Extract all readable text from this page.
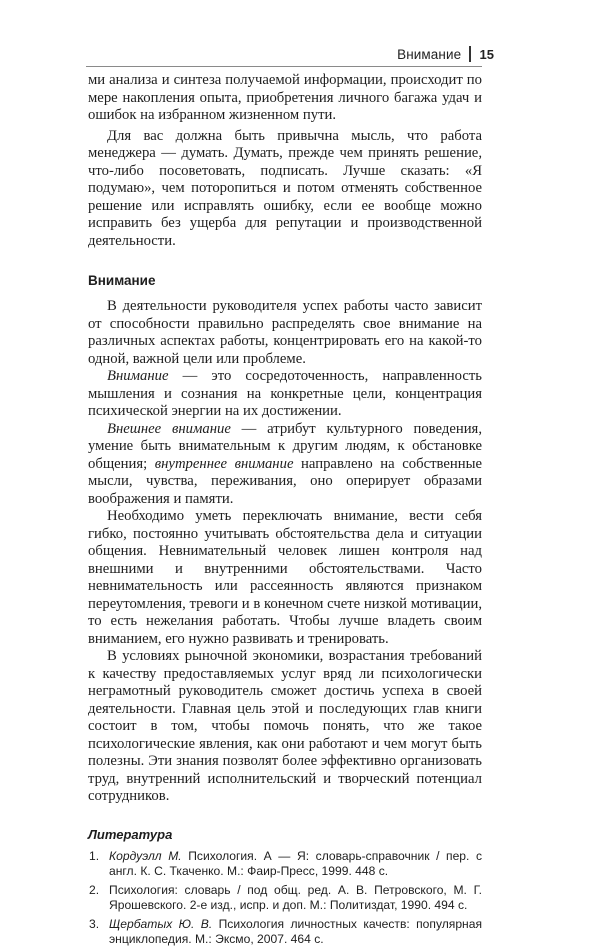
Внимание 15

ми анализа и синтеза получаемой информации, происходит по мере накопления опыта, приобретения личного багажа удач и ошибок на избранном жизненном пути.

Для вас должна быть привычна мысль, что работа менеджера — думать. Думать, прежде чем принять решение, что-либо посоветовать, подписать. Лучше сказать: «Я подумаю», чем поторопиться и потом отменять собственное решение или исправлять ошибку, если ее вообще можно исправить без ущерба для репутации и производственной деятельности.

Внимание

В деятельности руководителя успех работы часто зависит от способности правильно распределять свое внимание на различных аспектах работы, концентрировать его на какой-то одной, важной цели или проблеме.

Внимание — это сосредоточенность, направленность мышления и сознания на конкретные цели, концентрация психической энергии на их достижении.

Внешнее внимание — атрибут культурного поведения, умение быть внимательным к другим людям, к обстановке общения; внутреннее внимание направлено на собственные мысли, чувства, переживания, оно оперирует образами воображения и памяти.

Необходимо уметь переключать внимание, вести себя гибко, постоянно учитывать обстоятельства дела и ситуации общения. Невнимательный человек лишен контроля над внешними и внутренними обстоятельствами. Часто невнимательность или рассеянность являются признаком переутомления, тревоги и в конечном счете низкой мотивации, то есть нежелания работать. Чтобы лучше владеть своим вниманием, его нужно развивать и тренировать.

В условиях рыночной экономики, возрастания требований к качеству предоставляемых услуг вряд ли психологически неграмотный руководитель сможет достичь успеха в своей деятельности. Главная цель этой и последующих глав книги состоит в том, чтобы помочь понять, что же такое психологические явления, как они работают и чем могут быть полезны. Эти знания позволят более эффективно организовать труд, внутренний исполнительский и творческий потенциал сотрудников.

Литература
1. Кордуэлл М. Психология. А — Я: словарь-справочник / пер. с англ. К. С. Ткаченко. М.: Фаир-Пресс, 1999. 448 с.
2. Психология: словарь / под общ. ред. А. В. Петровского, М. Г. Ярошевского. 2-е изд., испр. и доп. М.: Политиздат, 1990. 494 с.
3. Щербатых Ю. В. Психология личностных качеств: популярная энциклопедия. М.: Эксмо, 2007. 464 с.
